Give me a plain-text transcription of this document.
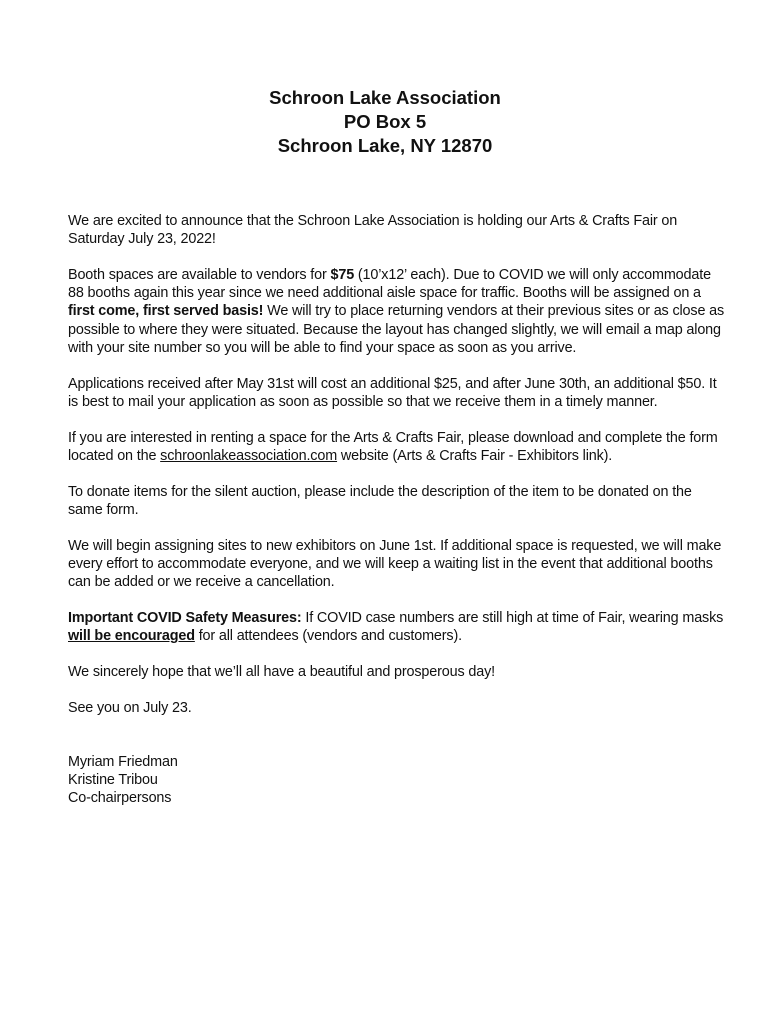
Schroon Lake Association
PO Box 5
Schroon Lake, NY 12870

We are excited to announce that the Schroon Lake Association is holding our Arts & Crafts Fair on Saturday July 23, 2022!

Booth spaces are available to vendors for $75 (10’x12’ each). Due to COVID we will only accommodate 88 booths again this year since we need additional aisle space for traffic. Booths will be assigned on a first come, first served basis! We will try to place returning vendors at their previous sites or as close as possible to where they were situated. Because the layout has changed slightly, we will email a map along with your site number so you will be able to find your space as soon as you arrive.

Applications received after May 31st will cost an additional $25, and after June 30th, an additional $50. It is best to mail your application as soon as possible so that we receive them in a timely manner.

If you are interested in renting a space for the Arts & Crafts Fair, please download and complete the form located on the schroonlakeassociation.com website (Arts & Crafts Fair - Exhibitors link).

To donate items for the silent auction, please include the description of the item to be donated on the same form.

We will begin assigning sites to new exhibitors on June 1st. If additional space is requested, we will make every effort to accommodate everyone, and we will keep a waiting list in the event that additional booths can be added or we receive a cancellation.

Important COVID Safety Measures: If COVID case numbers are still high at time of Fair, wearing masks will be encouraged for all attendees (vendors and customers).

We sincerely hope that we’ll all have a beautiful and prosperous day!

See you on July 23.

Myriam Friedman
Kristine Tribou
Co-chairpersons
